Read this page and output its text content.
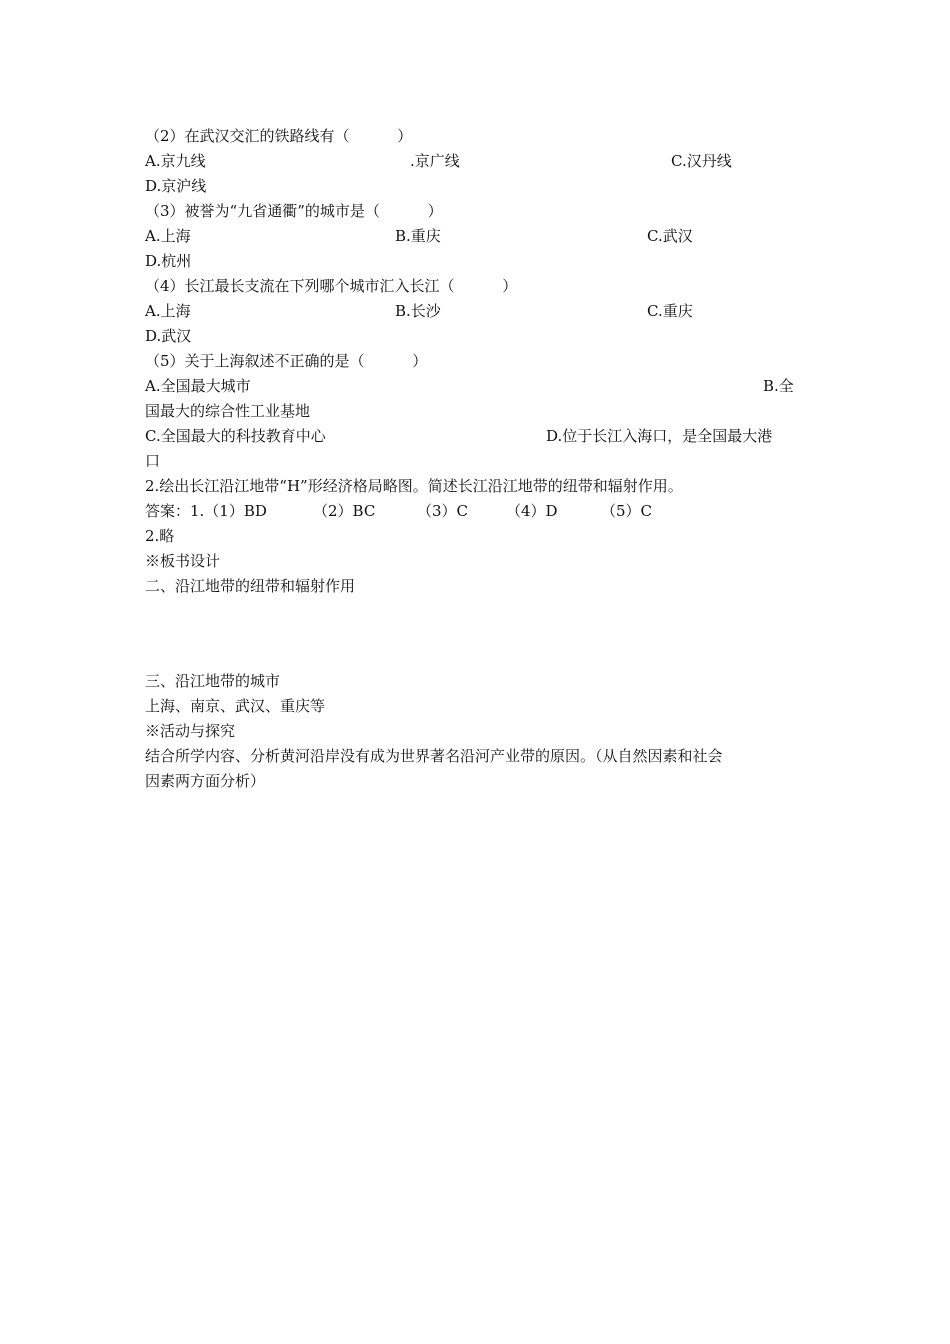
（2）在武汉交汇的铁路线有（          ）

A.京九线

	.京广线

	C.汉丹线

D.京沪线

（3）被誉为“九省通衢”的城市是（          ）

A.上海

	B.重庆

	C.武汉

D.杭州

（4）长江最长支流在下列哪个城市汇入长江（          ）

A.上海

	B.长沙

	C.重庆

D.武汉

（5）关于上海叙述不正确的是（          ）

A.全国最大城市

	B.全

国最大的综合性工业基地

C.全国最大的科技教育中心

	D.位于长江入海口，是全国最大港

口

2.绘出长江沿江地带“H”形经济格局略图。简述长江沿江地带的纽带和辐射作用。

答案：1.（1）BD

	（2）BC

	（3）C

	（4）D

	（5）C

2.略

※板书设计

二、沿江地带的纽带和辐射作用

三、沿江地带的城市

上海、南京、武汉、重庆等

※活动与探究

结合所学内容、分析黄河沿岸没有成为世界著名沿河产业带的原因。（从自然因素和社会

因素两方面分析）
